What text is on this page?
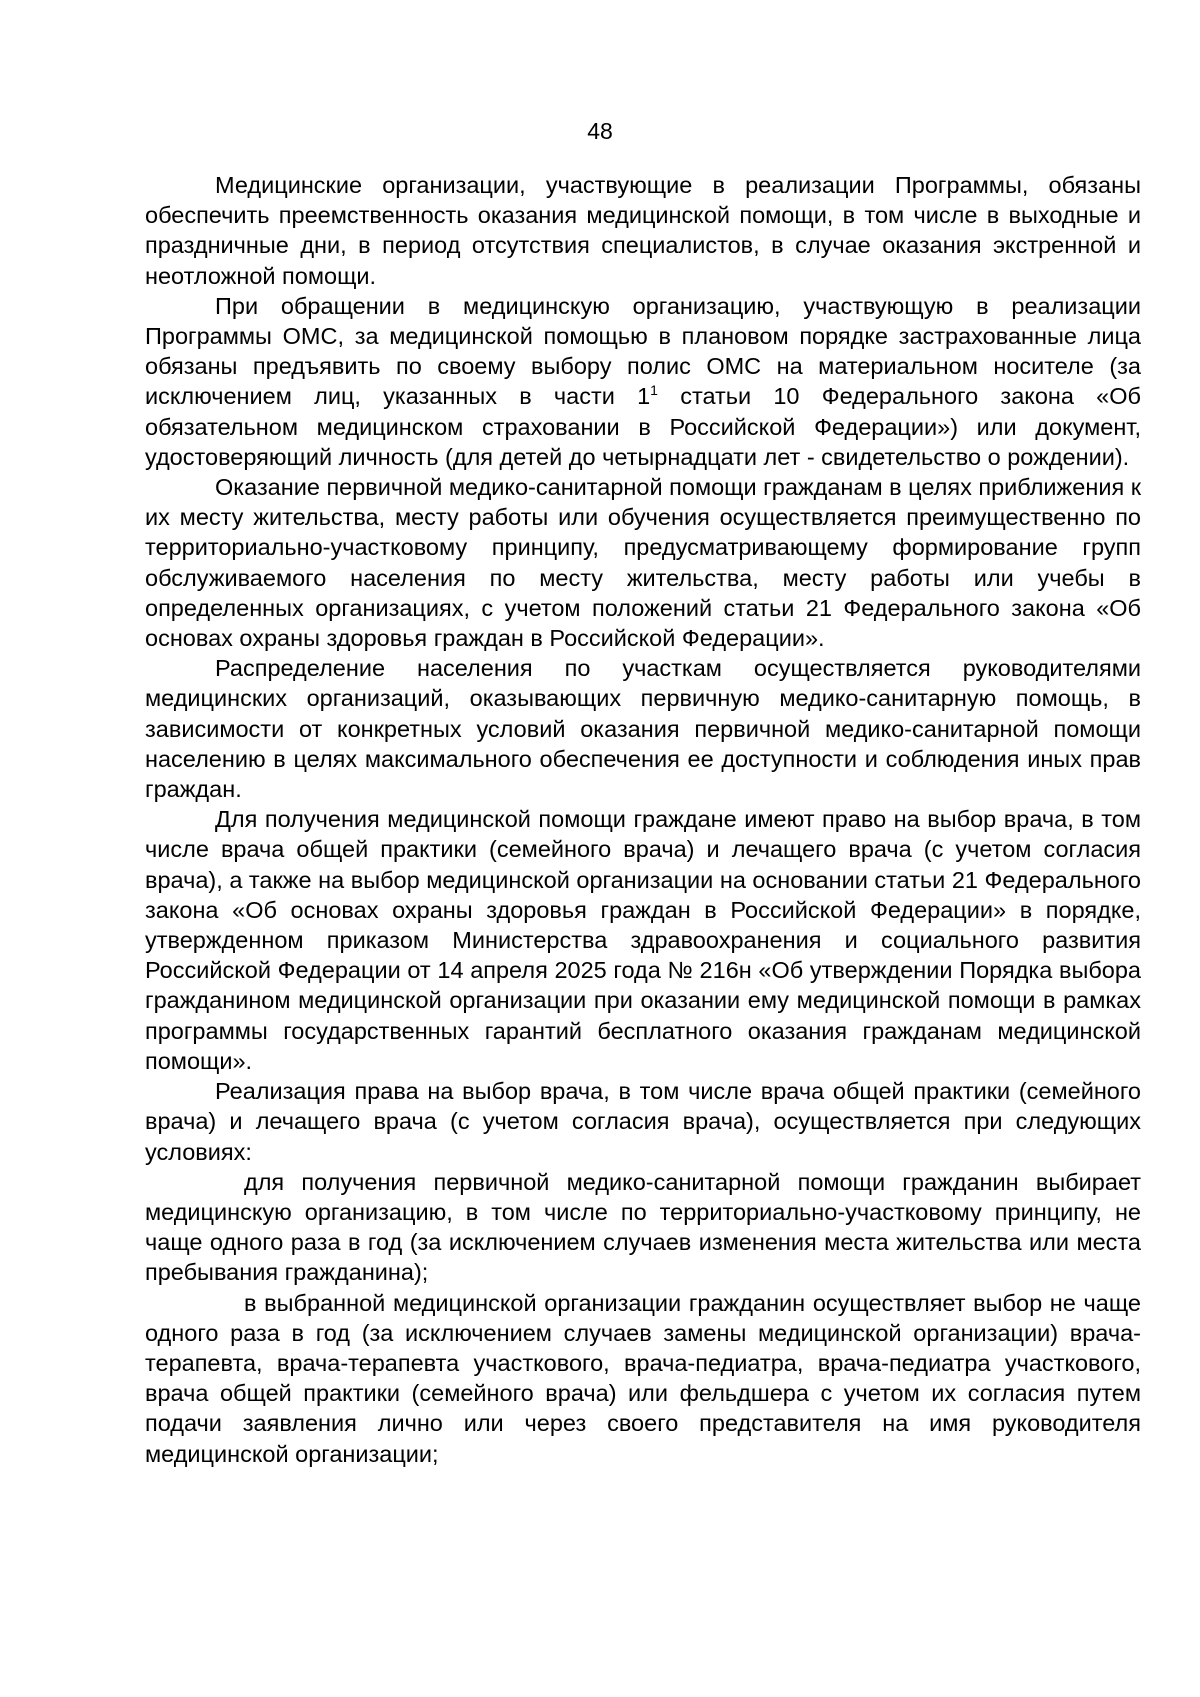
48

Медицинские организации, участвующие в реализации Программы, обязаны обеспечить преемственность оказания медицинской помощи, в том числе в выходные и праздничные дни, в период отсутствия специалистов, в случае оказания экстренной и неотложной помощи.

При обращении в медицинскую организацию, участвующую в реализации Программы ОМС, за медицинской помощью в плановом порядке застрахованные лица обязаны предъявить по своему выбору полис ОМС на материальном носителе (за исключением лиц, указанных в части $1^1$ статьи 10 Федерального закона «Об обязательном медицинском страховании в Российской Федерации») или документ, удостоверяющий личность (для детей до четырнадцати лет - свидетельство о рождении).

Оказание первичной медико-санитарной помощи гражданам в целях приближения к их месту жительства, месту работы или обучения осуществляется преимущественно по территориально-участковому принципу, предусматривающему формирование групп обслуживаемого населения по месту жительства, месту работы или учебы в определенных организациях, с учетом положений статьи 21 Федерального закона «Об основах охраны здоровья граждан в Российской Федерации».

Распределение населения по участкам осуществляется руководителями медицинских организаций, оказывающих первичную медико-санитарную помощь, в зависимости от конкретных условий оказания первичной медико-санитарной помощи населению в целях максимального обеспечения ее доступности и соблюдения иных прав граждан.

Для получения медицинской помощи граждане имеют право на выбор врача, в том числе врача общей практики (семейного врача) и лечащего врача (с учетом согласия врача), а также на выбор медицинской организации на основании статьи 21 Федерального закона «Об основах охраны здоровья граждан в Российской Федерации» в порядке, утвержденном приказом Министерства здравоохранения и социального развития Российской Федерации от 14 апреля 2025 года № 216н «Об утверждении Порядка выбора гражданином медицинской организации при оказании ему медицинской помощи в рамках программы государственных гарантий бесплатного оказания гражданам медицинской помощи».

Реализация права на выбор врача, в том числе врача общей практики (семейного врача) и лечащего врача (с учетом согласия врача), осуществляется при следующих условиях:

для получения первичной медико-санитарной помощи гражданин выбирает медицинскую организацию, в том числе по территориально-участковому принципу, не чаще одного раза в год (за исключением случаев изменения места жительства или места пребывания гражданина);

в выбранной медицинской организации гражданин осуществляет выбор не чаще одного раза в год (за исключением случаев замены медицинской организации) врача-терапевта, врача-терапевта участкового, врача-педиатра, врача-педиатра участкового, врача общей практики (семейного врача) или фельдшера с учетом их согласия путем подачи заявления лично или через своего представителя на имя руководителя медицинской организации;
